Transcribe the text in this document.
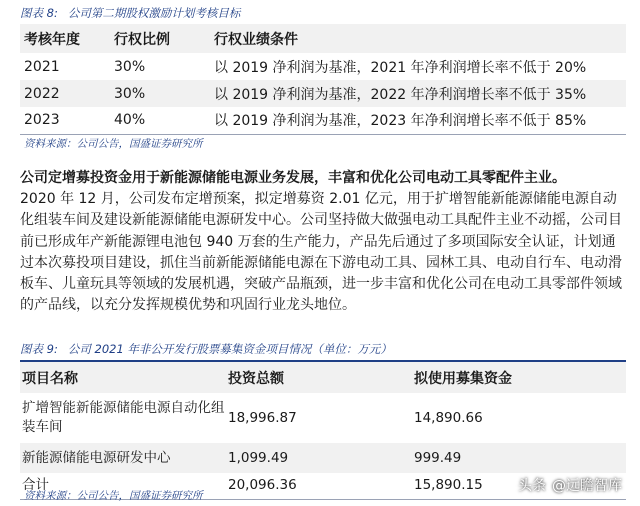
图表 8: 公司第二期股权激励计划考核目标
考核年度	行权比例	行权业绩条件
2021	30%	以 2019 净利润为基准，2021 年净利润增长率不低于 20%
2022	30%	以 2019 净利润为基准，2022 年净利润增长率不低于 35%
2023	40%	以 2019 净利润为基准，2023 年净利润增长率不低于 85%
资料来源：公司公告，国盛证券研究所

公司定增募投资金用于新能源储能电源业务发展，丰富和优化公司电动工具零配件主业。
2020 年 12 月，公司发布定增预案，拟定增募资 2.01 亿元，用于扩增智能新能源储能电源自动化组装车间及建设新能源储能电源研发中心。公司坚持做大做强电动工具配件主业不动摇，公司目前已形成年产新能源锂电池包 940 万套的生产能力，产品先后通过了多项国际安全认证，计划通过本次募投项目建设，抓住当前新能源储能电源在下游电动工具、园林工具、电动自行车、电动滑板车、儿童玩具等领域的发展机遇，突破产品瓶颈，进一步丰富和优化公司在电动工具零部件领域的产品线，以充分发挥规模优势和巩固行业龙头地位。

图表 9: 公司 2021 年非公开发行股票募集资金项目情况（单位：万元）
项目名称	投资总额	拟使用募集资金
扩增智能新能源储能电源自动化组装车间	18,996.87	14,890.66
新能源储能电源研发中心	1,099.49	999.49
合计	20,096.36	15,890.15
资料来源：公司公告，国盛证券研究所
头条 @远瞻智库
